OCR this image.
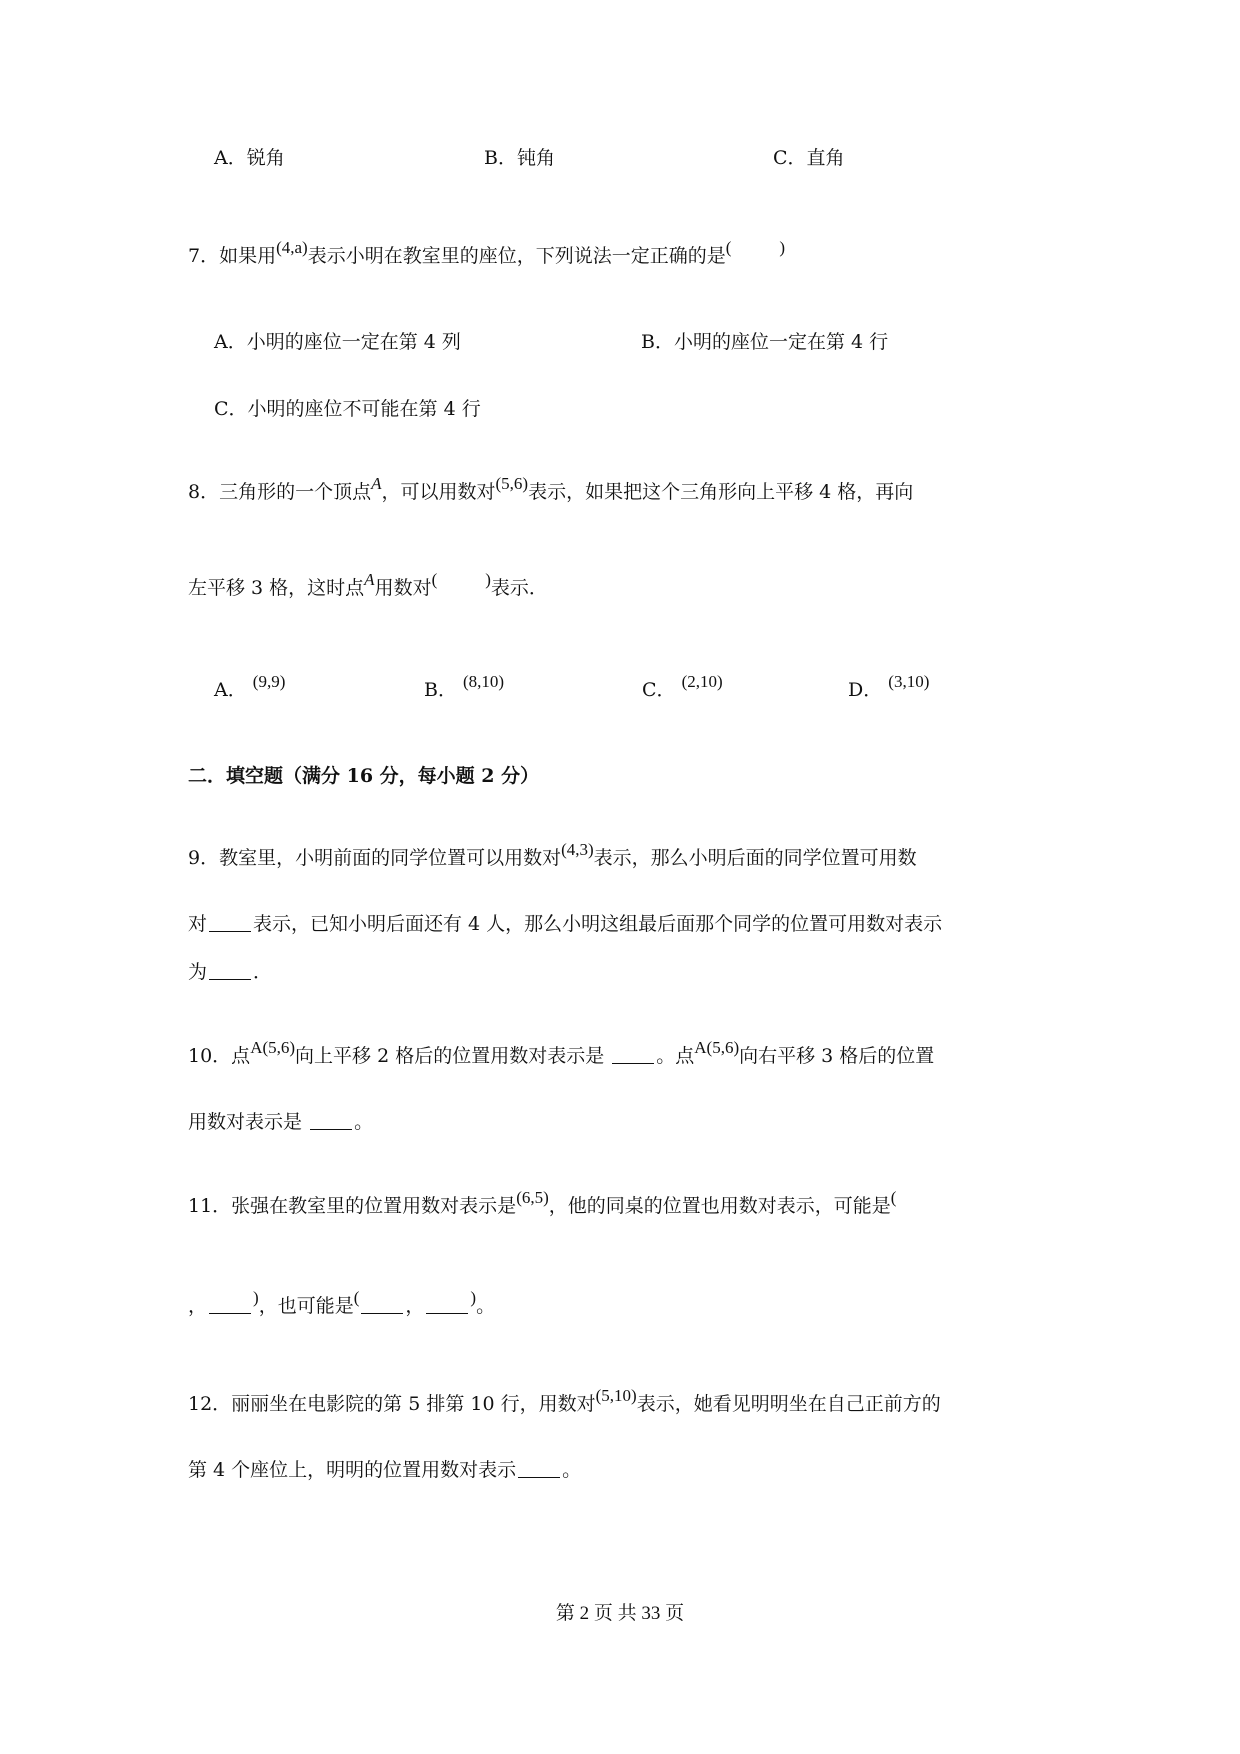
A．锐角	B．钝角	C．直角
7．如果用(4,a)表示小明在教室里的座位，下列说法一定正确的是(	)
A．小明的座位一定在第 4 列	B．小明的座位一定在第 4 行
C．小明的座位不可能在第 4 行
8．三角形的一个顶点A，可以用数对(5,6)表示，如果把这个三角形向上平移 4 格，再向
左平移 3 格，这时点A用数对(	)表示．
A． (9,9)	B． (8,10)	C． (2,10)	D． (3,10)
二．填空题（满分 16 分，每小题 2 分）
9．教室里，小明前面的同学位置可以用数对(4,3)表示，那么小明后面的同学位置可用数
对 表示，已知小明后面还有 4 人，那么小明这组最后面那个同学的位置可用数对表示
为 ．
10．点A(5,6)向上平移 2 格后的位置用数对表示是	。点A(5,6)向右平移 3 格后的位置
用数对表示是	。
11．张强在教室里的位置用数对表示是(6,5)，他的同桌的位置也用数对表示，可能是(
，	)，也可能是( ，	)。
12．丽丽坐在电影院的第 5 排第 10 行，用数对(5,10)表示，她看见明明坐在自己正前方的
第 4 个座位上，明明的位置用数对表示 。
第 2 页 共 33 页
